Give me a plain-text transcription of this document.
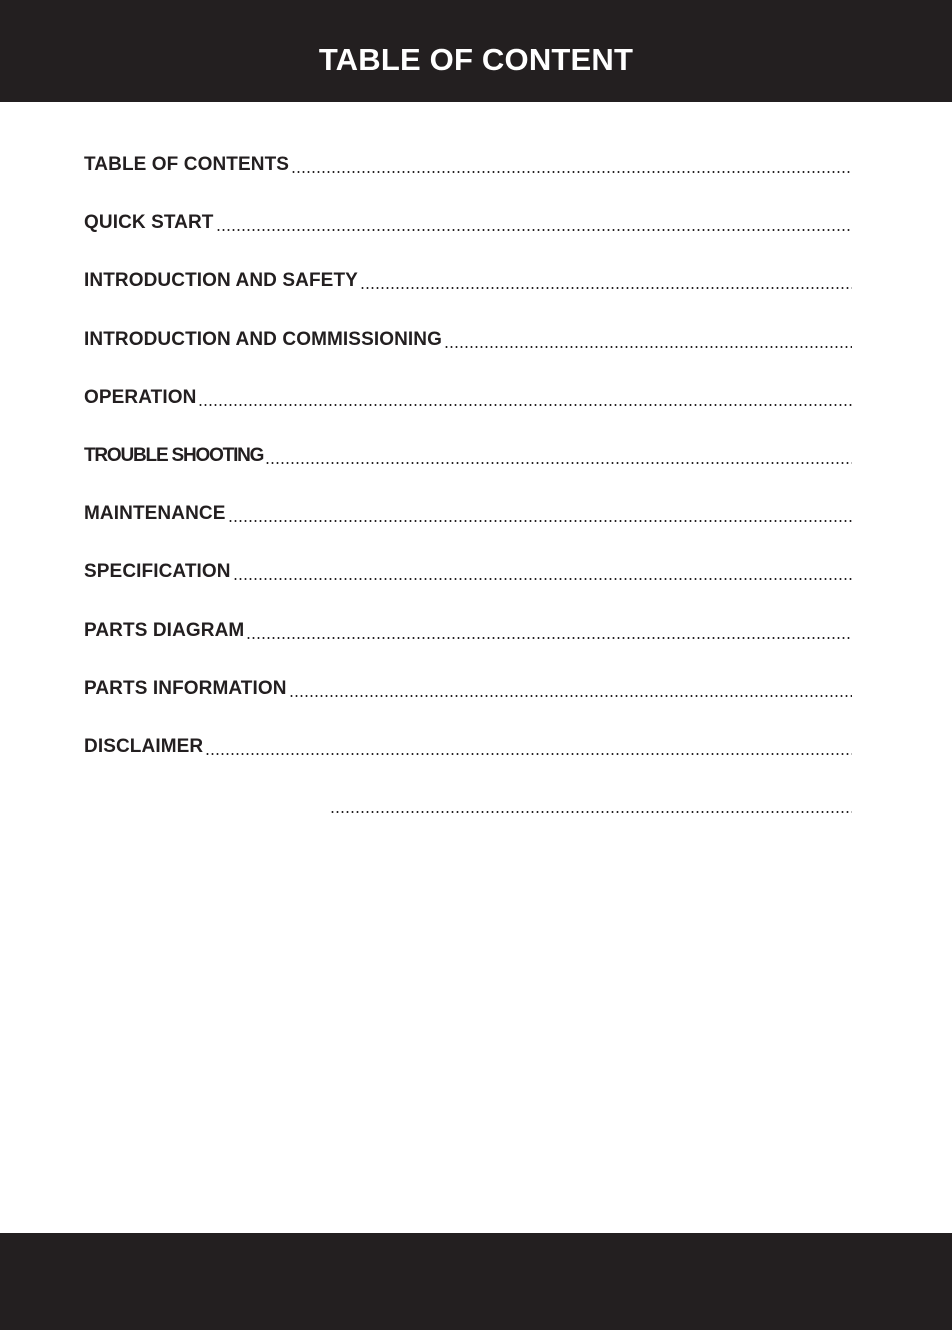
TABLE OF CONTENT
TABLE OF CONTENTS
QUICK START
INTRODUCTION AND SAFETY
INTRODUCTION AND COMMISSIONING
OPERATION
TROUBLE SHOOTING
MAINTENANCE
SPECIFICATION
PARTS DIAGRAM
PARTS INFORMATION
DISCLAIMER
